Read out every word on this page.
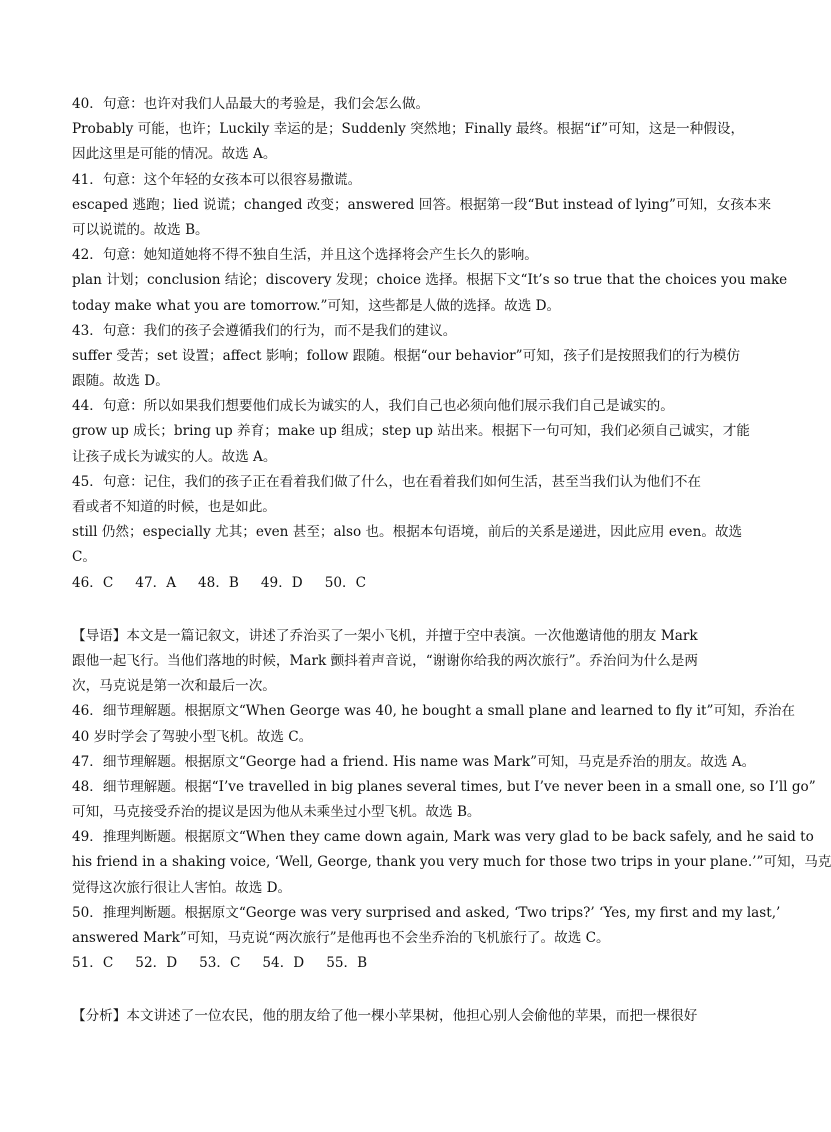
40．句意：也许对我们人品最大的考验是，我们会怎么做。
Probably 可能，也许；Luckily 幸运的是；Suddenly 突然地；Finally 最终。根据“if”可知，这是一种假设，
因此这里是可能的情况。故选 A。
41．句意：这个年轻的女孩本可以很容易撒谎。
escaped 逃跑；lied 说谎；changed 改变；answered 回答。根据第一段“But instead of lying”可知，女孩本来
可以说谎的。故选 B。
42．句意：她知道她将不得不独自生活，并且这个选择将会产生长久的影响。
plan 计划；conclusion 结论；discovery 发现；choice 选择。根据下文“It’s so true that the choices you make
today make what you are tomorrow.”可知，这些都是人做的选择。故选 D。
43．句意：我们的孩子会遵循我们的行为，而不是我们的建议。
suffer 受苦；set 设置；affect 影响；follow 跟随。根据“our behavior”可知，孩子们是按照我们的行为模仿
跟随。故选 D。
44．句意：所以如果我们想要他们成长为诚实的人，我们自己也必须向他们展示我们自己是诚实的。
grow up 成长；bring up 养育；make up 组成；step up 站出来。根据下一句可知，我们必须自己诚实，才能
让孩子成长为诚实的人。故选 A。
45．句意：记住，我们的孩子正在看着我们做了什么，也在看着我们如何生活，甚至当我们认为他们不在
看或者不知道的时候，也是如此。
still 仍然；especially 尤其；even 甚至；also 也。根据本句语境，前后的关系是递进，因此应用 even。故选
C。
46．C 47．A 48．B 49．D 50．C
【导语】本文是一篇记叙文，讲述了乔治买了一架小飞机，并擅于空中表演。一次他邀请他的朋友 Mark
跟他一起飞行。当他们落地的时候，Mark 颤抖着声音说，“谢谢你给我的两次旅行”。乔治问为什么是两
次，马克说是第一次和最后一次。
46．细节理解题。根据原文“When George was 40, he bought a small plane and learned to fly it”可知，乔治在
40 岁时学会了驾驶小型飞机。故选 C。
47．细节理解题。根据原文“George had a friend. His name was Mark”可知，马克是乔治的朋友。故选 A。
48．细节理解题。根据“I’ve travelled in big planes several times, but I’ve never been in a small one, so I’ll go”
可知，马克接受乔治的提议是因为他从未乘坐过小型飞机。故选 B。
49．推理判断题。根据原文“When they came down again, Mark was very glad to be back safely, and he said to
his friend in a shaking voice, ‘Well, George, thank you very much for those two trips in your plane.’”可知，马克
觉得这次旅行很让人害怕。故选 D。
50．推理判断题。根据原文“George was very surprised and asked, ‘Two trips?’ ‘Yes, my first and my last,’
answered Mark”可知，马克说“两次旅行”是他再也不会坐乔治的飞机旅行了。故选 C。
51．C 52．D 53．C 54．D 55．B
【分析】本文讲述了一位农民，他的朋友给了他一棵小苹果树，他担心别人会偷他的苹果，而把一棵很好
